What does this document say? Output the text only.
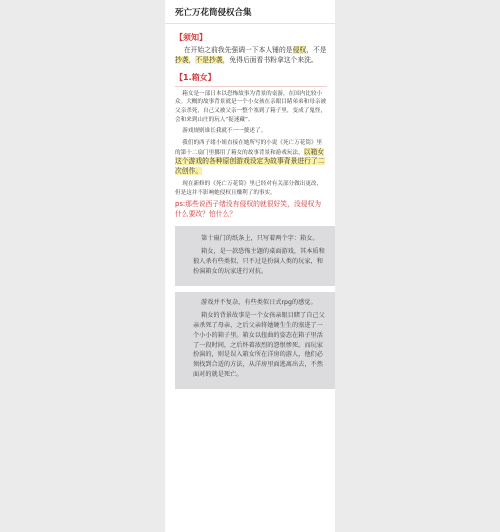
死亡万花筒侵权合集
【须知】

在开始之前我先强调一下本人锤的是侵权，不是抄袭，不是抄袭，免得后面看书粉拿这个来洗。

【1.箱女】

箱女是一部日本以恐怖故事为背景的桌游，在国内比较小众。大概的故事背景就是一个小女孩在亲眼目睹弟弟和母亲被父亲杀死，自己又被父亲一整个塞到了箱子里，变成了鬼怪，会和来到山庄的玩人“捉迷藏”。

游戏规则谁长我就不一一赘述了。

我们的西子绪小姐直接在她所写的小说《死亡万花筒》里的第十二扇门里挪用了箱女的故事背景和游戏玩法，以箱女这个游戏的各种原创游戏设定为故事背景进行了二次创作。

现在新修的《死亡万花筒》里已经对有关部分做出更改，但是这并不影响她侵权且赚利了的事实。

ps:那些说西子绪没有侵权的就很好笑，没侵权为什么要改？怕什么？

第十扇门的纸条上，只写着两个字：箱女。

箱女，是一款恐怖主题的桌面游戏，其本质和狼人杀有些类似，只不过是扮演人类的玩家，和扮演箱女的玩家进行对抗。

游戏并不复杂，有些类似日式rpg的感觉。

箱女的背景故事是一个女孩亲眼目睹了自己父亲杀死了母亲，之后父亲将她硬生生的塞进了一个小小的箱子里。箱女以扭曲的姿态在箱子里活了一段时间，之后怀着浓烈的怨恨惨死。而玩家扮演的，则是误入箱女所在洋房的游人，他们必须找到合适的方法，从洋房里面逃离出去，不然面对的就是死亡。
